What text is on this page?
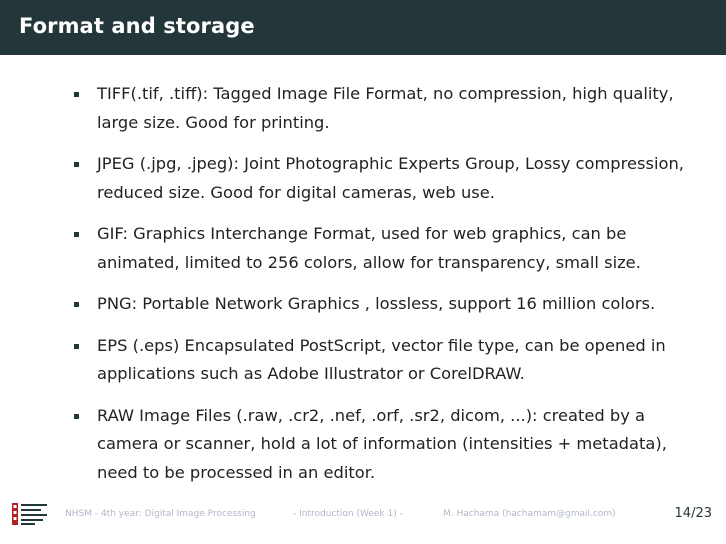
Format and storage
TIFF(.tif, .tiff): Tagged Image File Format, no compression, high quality, large size. Good for printing.
JPEG (.jpg, .jpeg): Joint Photographic Experts Group, Lossy compression, reduced size. Good for digital cameras, web use.
GIF: Graphics Interchange Format, used for web graphics, can be animated, limited to 256 colors, allow for transparency, small size.
PNG: Portable Network Graphics , lossless, support 16 million colors.
EPS (.eps) Encapsulated PostScript, vector file type, can be opened in applications such as Adobe Illustrator or CorelDRAW.
RAW Image Files (.raw, .cr2, .nef, .orf, .sr2, dicom, ...): created by a camera or scanner, hold a lot of information (intensities + metadata), need to be processed in an editor.
NHSM - 4th year: Digital Image Processing	- Introduction (Week 1) -	M. Hachama (hachamam@gmail.com)	14/23
